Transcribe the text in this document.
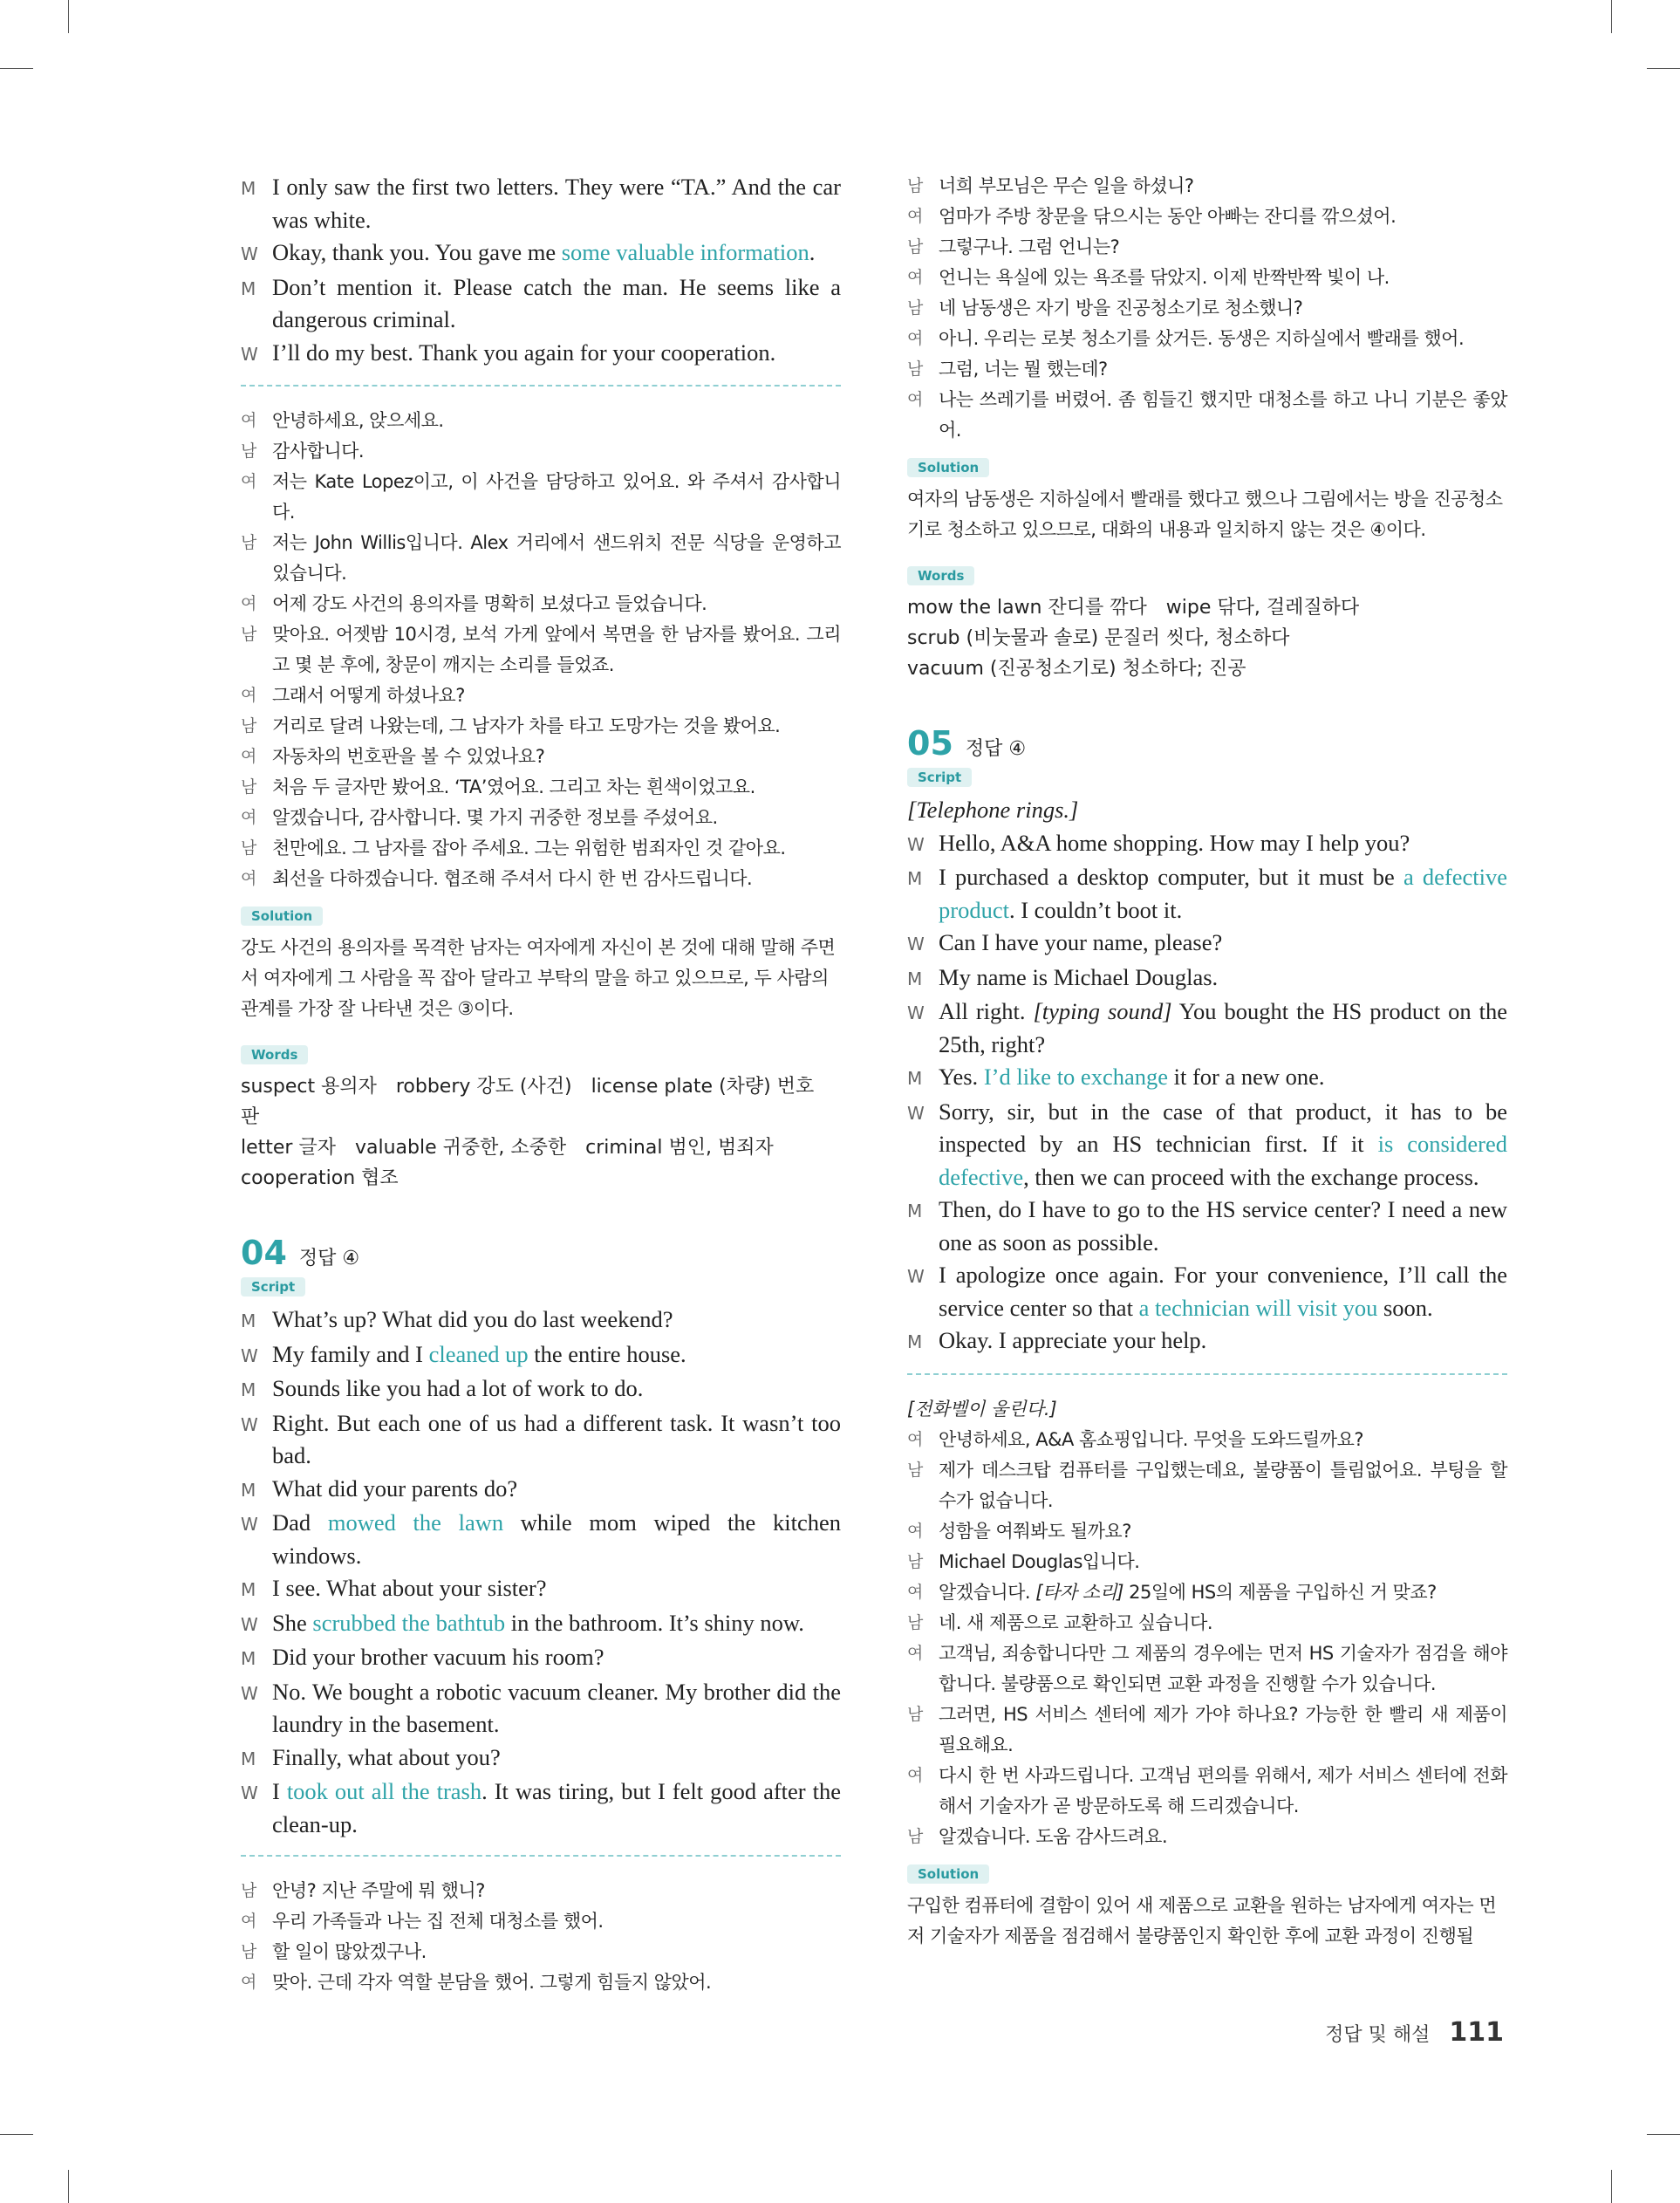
M I only saw the first two letters. They were “TA.” And the car was white.
W Okay, thank you. You gave me some valuable information.
M Don’t mention it. Please catch the man. He seems like a dangerous criminal.
W I’ll do my best. Thank you again for your cooperation.
여 안녕하세요, 앉으세요.
남 감사합니다.
여 저는 Kate Lopez이고, 이 사건을 담당하고 있어요. 와 주셔서 감사합니다.
남 저는 John Willis입니다. Alex 거리에서 샌드위치 전문 식당을 운영하고 있습니다.
여 어제 강도 사건의 용의자를 명확히 보셨다고 들었습니다.
남 맞아요. 어젯밤 10시경, 보석 가게 앞에서 복면을 한 남자를 봤어요. 그리고 몇 분 후에, 창문이 깨지는 소리를 들었죠.
여 그래서 어떻게 하셨나요?
남 거리로 달려 나왔는데, 그 남자가 차를 타고 도망가는 것을 봤어요.
여 자동차의 번호판을 볼 수 있었나요?
남 처음 두 글자만 봤어요. ‘TA’였어요. 그리고 차는 흰색이었고요.
여 알겠습니다, 감사합니다. 몇 가지 귀중한 정보를 주셨어요.
남 천만에요. 그 남자를 잡아 주세요. 그는 위험한 범죄자인 것 같아요.
여 최선을 다하겠습니다. 협조해 주셔서 다시 한 번 감사드립니다.
Solution
강도 사건의 용의자를 목격한 남자는 여자에게 자신이 본 것에 대해 말해 주면서 여자에게 그 사람을 꼭 잡아 달라고 부탁의 말을 하고 있으므로, 두 사람의 관계를 가장 잘 나타낸 것은 ③이다.
Words
suspect 용의자 robbery 강도 (사건) license plate (차량) 번호판
letter 글자 valuable 귀중한, 소중한 criminal 범인, 범죄자
cooperation 협조
04 정답 ④
Script
M What’s up? What did you do last weekend?
W My family and I cleaned up the entire house.
M Sounds like you had a lot of work to do.
W Right. But each one of us had a different task. It wasn’t too bad.
M What did your parents do?
W Dad mowed the lawn while mom wiped the kitchen windows.
M I see. What about your sister?
W She scrubbed the bathtub in the bathroom. It’s shiny now.
M Did your brother vacuum his room?
W No. We bought a robotic vacuum cleaner. My brother did the laundry in the basement.
M Finally, what about you?
W I took out all the trash. It was tiring, but I felt good after the clean-up.
남 안녕? 지난 주말에 뭐 했니?
여 우리 가족들과 나는 집 전체 대청소를 했어.
남 할 일이 많았겠구나.
여 맞아. 근데 각자 역할 분담을 했어. 그렇게 힘들지 않았어.
남 너희 부모님은 무슨 일을 하셨니?
여 엄마가 주방 창문을 닦으시는 동안 아빠는 잔디를 깎으셨어.
남 그렇구나. 그럼 언니는?
여 언니는 욕실에 있는 욕조를 닦았지. 이제 반짝반짝 빛이 나.
남 네 남동생은 자기 방을 진공청소기로 청소했니?
여 아니. 우리는 로봇 청소기를 샀거든. 동생은 지하실에서 빨래를 했어.
남 그럼, 너는 뭘 했는데?
여 나는 쓰레기를 버렸어. 좀 힘들긴 했지만 대청소를 하고 나니 기분은 좋았어.
Solution
여자의 남동생은 지하실에서 빨래를 했다고 했으나 그림에서는 방을 진공청소기로 청소하고 있으므로, 대화의 내용과 일치하지 않는 것은 ④이다.
Words
mow the lawn 잔디를 깎다 wipe 닦다, 걸레질하다
scrub (비눗물과 솔로) 문질러 씻다, 청소하다
vacuum (진공청소기로) 청소하다; 진공
05 정답 ④
Script
[Telephone rings.]
W Hello, A&A home shopping. How may I help you?
M I purchased a desktop computer, but it must be a defective product. I couldn’t boot it.
W Can I have your name, please?
M My name is Michael Douglas.
W All right. [typing sound] You bought the HS product on the 25th, right?
M Yes. I’d like to exchange it for a new one.
W Sorry, sir, but in the case of that product, it has to be inspected by an HS technician first. If it is considered defective, then we can proceed with the exchange process.
M Then, do I have to go to the HS service center? I need a new one as soon as possible.
W I apologize once again. For your convenience, I’ll call the service center so that a technician will visit you soon.
M Okay. I appreciate your help.
[전화벨이 울린다.]
여 안녕하세요, A&A 홈쇼핑입니다. 무엇을 도와드릴까요?
남 제가 데스크탑 컴퓨터를 구입했는데요, 불량품이 틀림없어요. 부팅을 할 수가 없습니다.
여 성함을 여쭤봐도 될까요?
남 Michael Douglas입니다.
여 알겠습니다. [타자 소리] 25일에 HS의 제품을 구입하신 거 맞죠?
남 네. 새 제품으로 교환하고 싶습니다.
여 고객님, 죄송합니다만 그 제품의 경우에는 먼저 HS 기술자가 점검을 해야 합니다. 불량품으로 확인되면 교환 과정을 진행할 수가 있습니다.
남 그러면, HS 서비스 센터에 제가 가야 하나요? 가능한 한 빨리 새 제품이 필요해요.
여 다시 한 번 사과드립니다. 고객님 편의를 위해서, 제가 서비스 센터에 전화해서 기술자가 곧 방문하도록 해 드리겠습니다.
남 알겠습니다. 도움 감사드려요.
Solution
구입한 컴퓨터에 결함이 있어 새 제품으로 교환을 원하는 남자에게 여자는 먼저 기술자가 제품을 점검해서 불량품인지 확인한 후에 교환 과정이 진행될
정답 및 해설 111
